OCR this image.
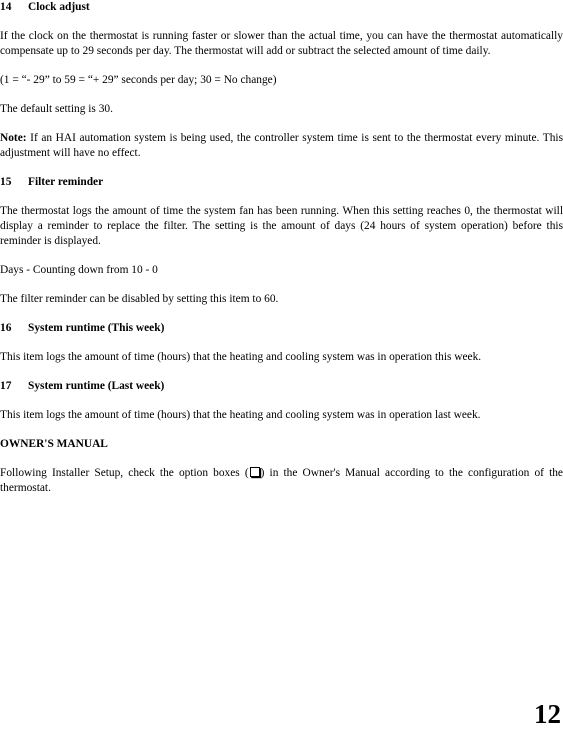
14	Clock adjust

If the clock on the thermostat is running faster or slower than the actual time, you can have the thermostat automatically compensate up to 29 seconds per day. The thermostat will add or subtract the selected amount of time daily.

(1 = “- 29” to 59 = “+ 29” seconds per day; 30 = No change)

The default setting is 30.

Note: If an HAI automation system is being used, the controller system time is sent to the thermostat every minute. This adjustment will have no effect.

15	Filter reminder

The thermostat logs the amount of time the system fan has been running. When this setting reaches 0, the thermostat will display a reminder to replace the filter. The setting is the amount of days (24 hours of system operation) before this reminder is displayed.

Days - Counting down from 10 - 0

The filter reminder can be disabled by setting this item to 60.

16	System runtime (This week)

This item logs the amount of time (hours) that the heating and cooling system was in operation this week.

17	System runtime (Last week)

This item logs the amount of time (hours) that the heating and cooling system was in operation last week.

OWNER'S MANUAL

Following Installer Setup, check the option boxes ( ) in the Owner's Manual according to the configuration of the thermostat.

12
